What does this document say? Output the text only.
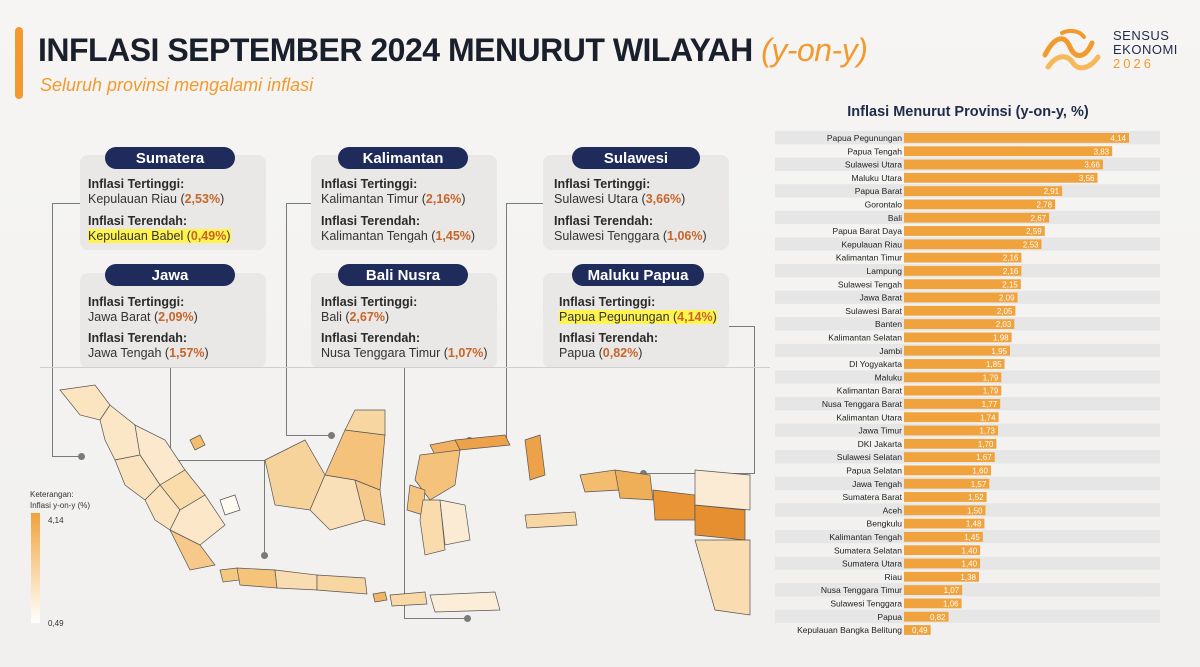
INFLASI SEPTEMBER 2024 MENURUT WILAYAH (y-on-y)
Seluruh provinsi mengalami inflasi
SENSUS
EKONOMI
2026
Sumatera
Inflasi Tertinggi:
Kepulauan Riau (2,53%)
Inflasi Terendah:
Kepulauan Babel (0,49%)
Kalimantan
Inflasi Tertinggi:
Kalimantan Timur (2,16%)
Inflasi Terendah:
Kalimantan Tengah (1,45%)
Sulawesi
Inflasi Tertinggi:
Sulawesi Utara (3,66%)
Inflasi Terendah:
Sulawesi Tenggara (1,06%)
Jawa
Inflasi Tertinggi:
Jawa Barat (2,09%)
Inflasi Terendah:
Jawa Tengah (1,57%)
Bali Nusra
Inflasi Tertinggi:
Bali (2,67%)
Inflasi Terendah:
Nusa Tenggara Timur (1,07%)
Maluku Papua
Inflasi Tertinggi:
Papua Pegunungan (4,14%)
Inflasi Terendah:
Papua (0,82%)
Keterangan:
Inflasi y-on-y (%)
4,14
0,49
Inflasi Menurut Provinsi (y-on-y, %)
Papua Pegunungan	4,14
Papua Tengah	3,83
Sulawesi Utara	3,66
Maluku Utara	3,56
Papua Barat	2,91
Gorontalo	2,78
Bali	2,67
Papua Barat Daya	2,59
Kepulauan Riau	2,53
Kalimantan Timur	2,16
Lampung	2,16
Sulawesi Tengah	2,15
Jawa Barat	2,09
Sulawesi Barat	2,05
Banten	2,03
Kalimantan Selatan	1,98
Jambi	1,95
DI Yogyakarta	1,85
Maluku	1,79
Kalimantan Barat	1,79
Nusa Tenggara Barat	1,77
Kalimantan Utara	1,74
Jawa Timur	1,73
DKI Jakarta	1,70
Sulawesi Selatan	1,67
Papua Selatan	1,60
Jawa Tengah	1,57
Sumatera Barat	1,52
Aceh	1,50
Bengkulu	1,48
Kalimantan Tengah	1,45
Sumatera Selatan	1,40
Sumatera Utara	1,40
Riau	1,38
Nusa Tenggara Timur	1,07
Sulawesi Tenggara	1,06
Papua	0,82
Kepulauan Bangka Belitung 0,49
